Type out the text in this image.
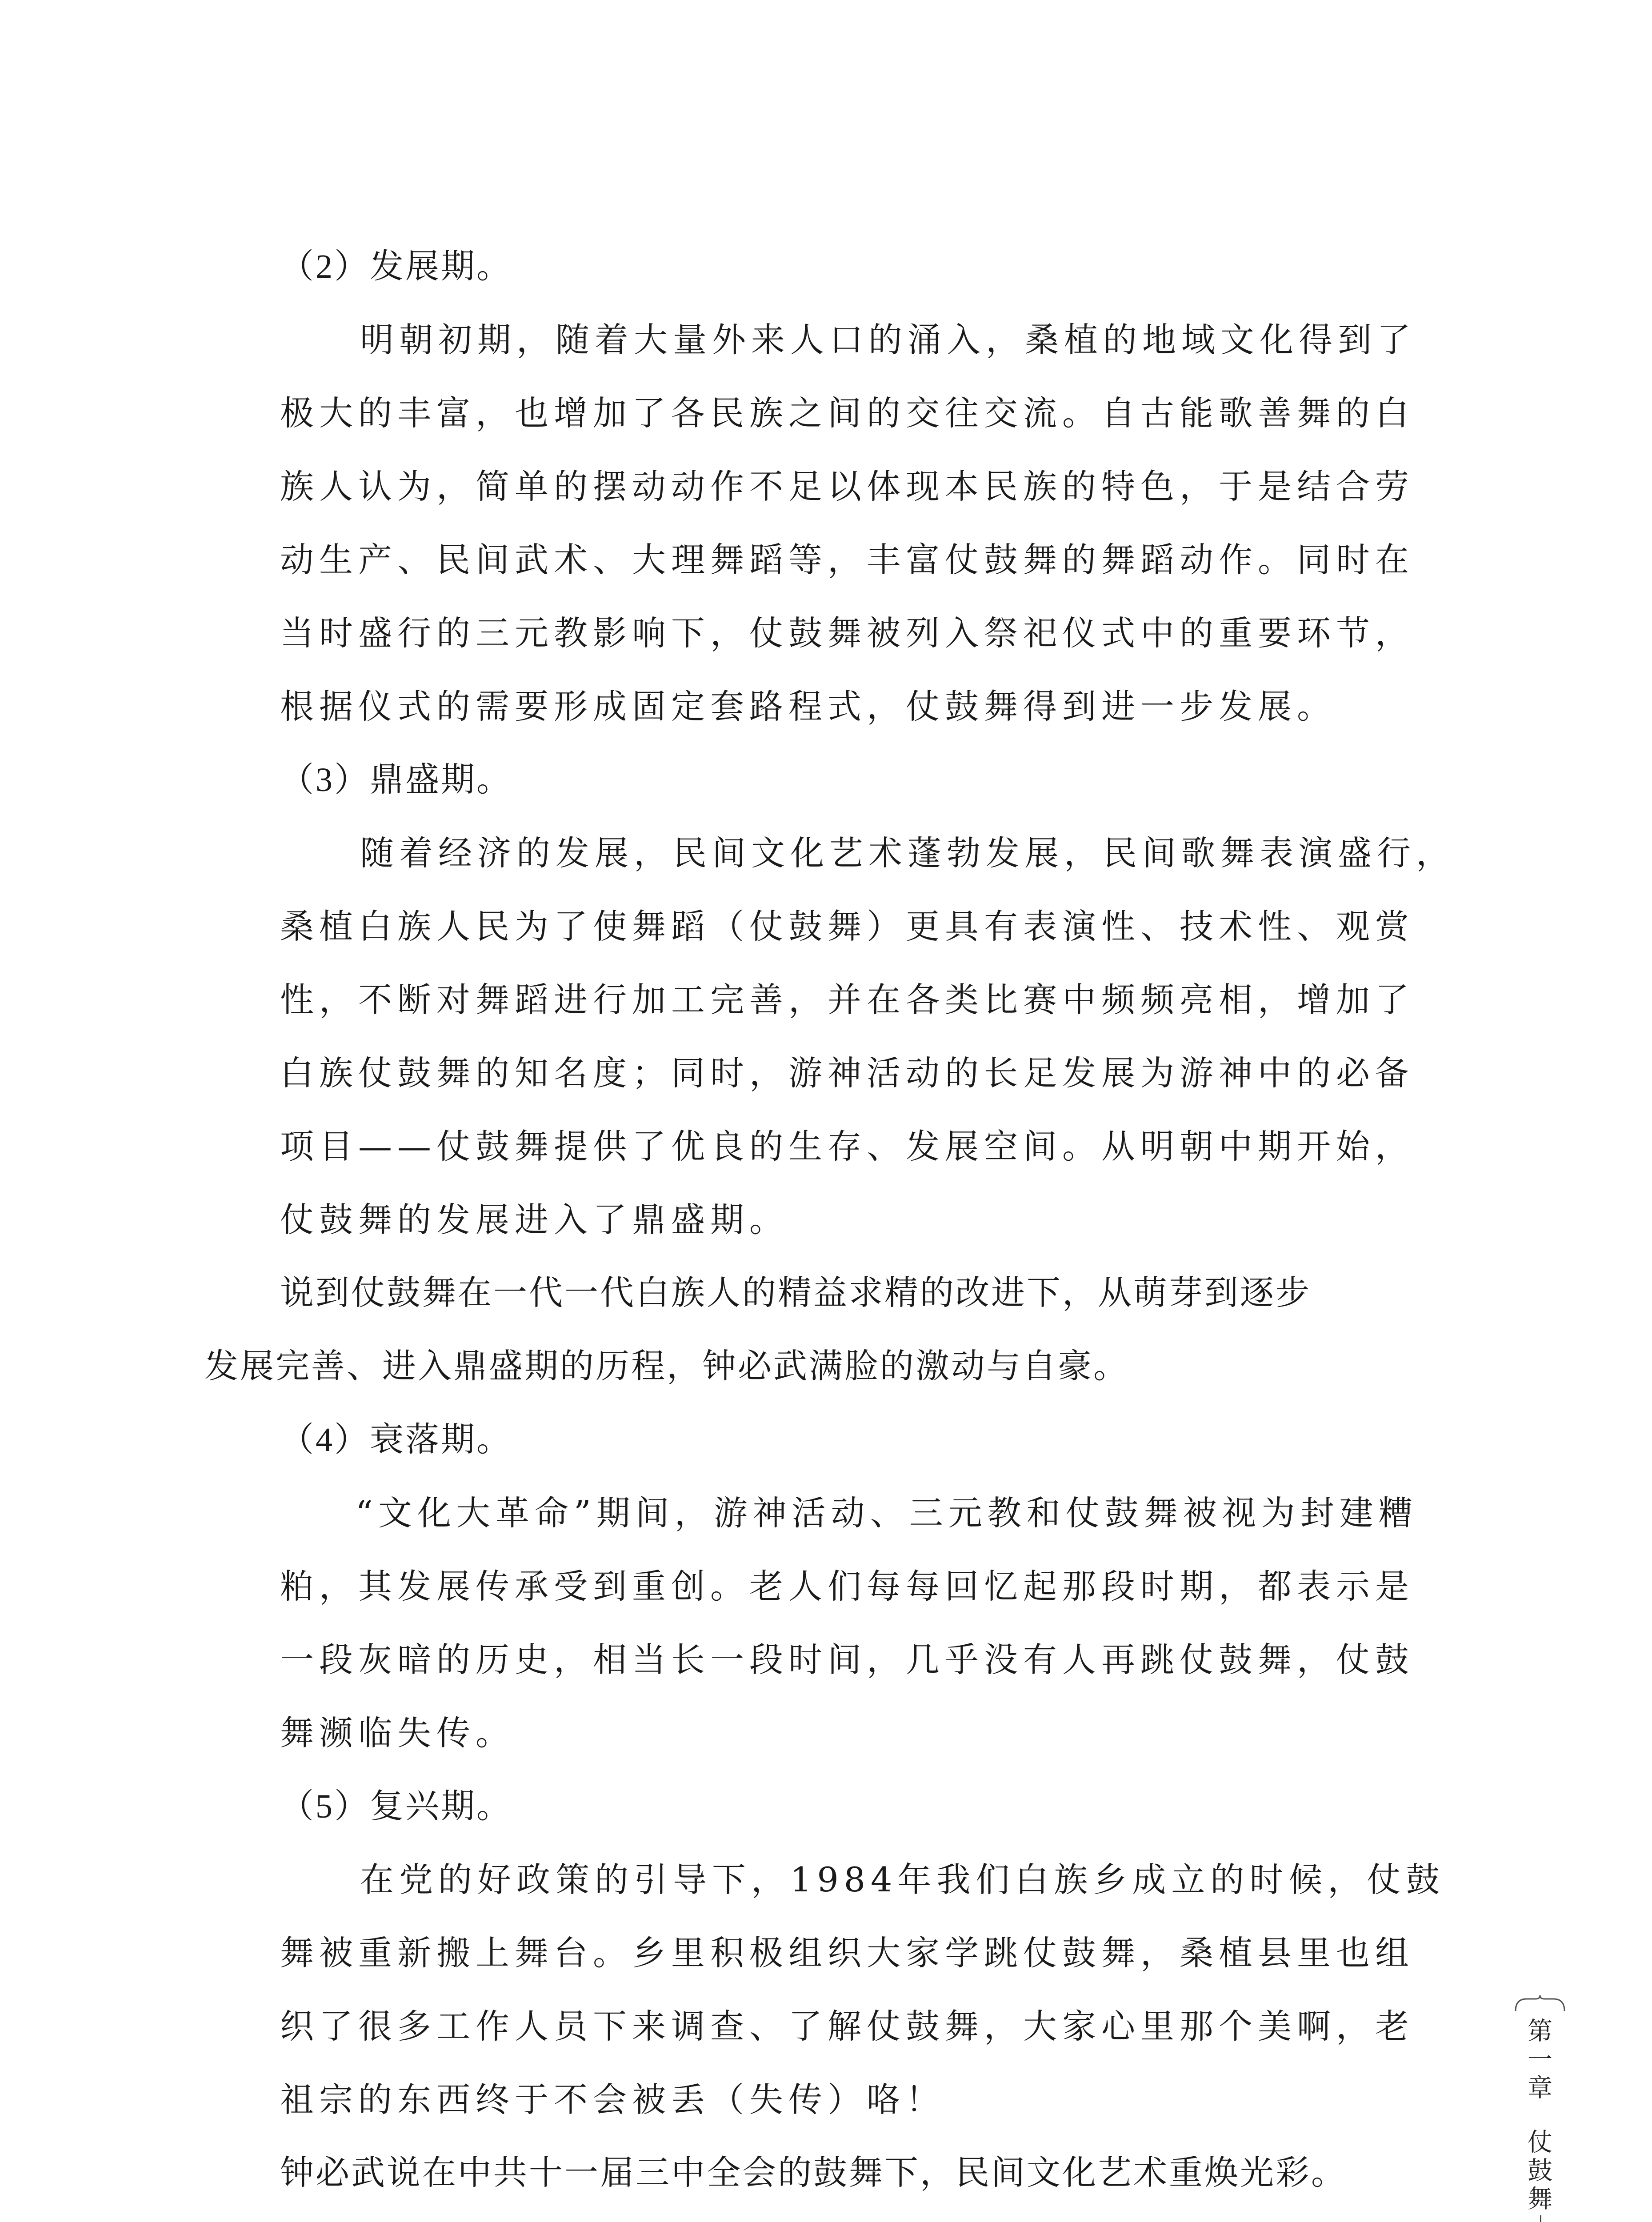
（2）发展期。
明朝初期，随着大量外来人口的涌入，桑植的地域文化得到了
极大的丰富，也增加了各民族之间的交往交流。自古能歌善舞的白
族人认为，简单的摆动动作不足以体现本民族的特色，于是结合劳
动生产、民间武术、大理舞蹈等，丰富仗鼓舞的舞蹈动作。同时在
当时盛行的三元教影响下，仗鼓舞被列入祭祀仪式中的重要环节，
根据仪式的需要形成固定套路程式，仗鼓舞得到进一步发展。
（3）鼎盛期。
随着经济的发展，民间文化艺术蓬勃发展，民间歌舞表演盛行，
桑植白族人民为了使舞蹈（仗鼓舞）更具有表演性、技术性、观赏
性，不断对舞蹈进行加工完善，并在各类比赛中频频亮相，增加了
白族仗鼓舞的知名度；同时，游神活动的长足发展为游神中的必备
项目——仗鼓舞提供了优良的生存、发展空间。从明朝中期开始，
仗鼓舞的发展进入了鼎盛期。
说到仗鼓舞在一代一代白族人的精益求精的改进下，从萌芽到逐步
发展完善、进入鼎盛期的历程，钟必武满脸的激动与自豪。
（4）衰落期。
“文化大革命”期间，游神活动、三元教和仗鼓舞被视为封建糟
粕，其发展传承受到重创。老人们每每回忆起那段时期，都表示是
一段灰暗的历史，相当长一段时间，几乎没有人再跳仗鼓舞，仗鼓
舞濒临失传。
（5）复兴期。
在党的好政策的引导下，1984年我们白族乡成立的时候，仗鼓
舞被重新搬上舞台。乡里积极组织大家学跳仗鼓舞，桑植县里也组
织了很多工作人员下来调查、了解仗鼓舞，大家心里那个美啊，老
祖宗的东西终于不会被丢（失传）咯！
钟必武说在中共十一届三中全会的鼓舞下，民间文化艺术重焕光彩。
第一章
仗鼓舞
